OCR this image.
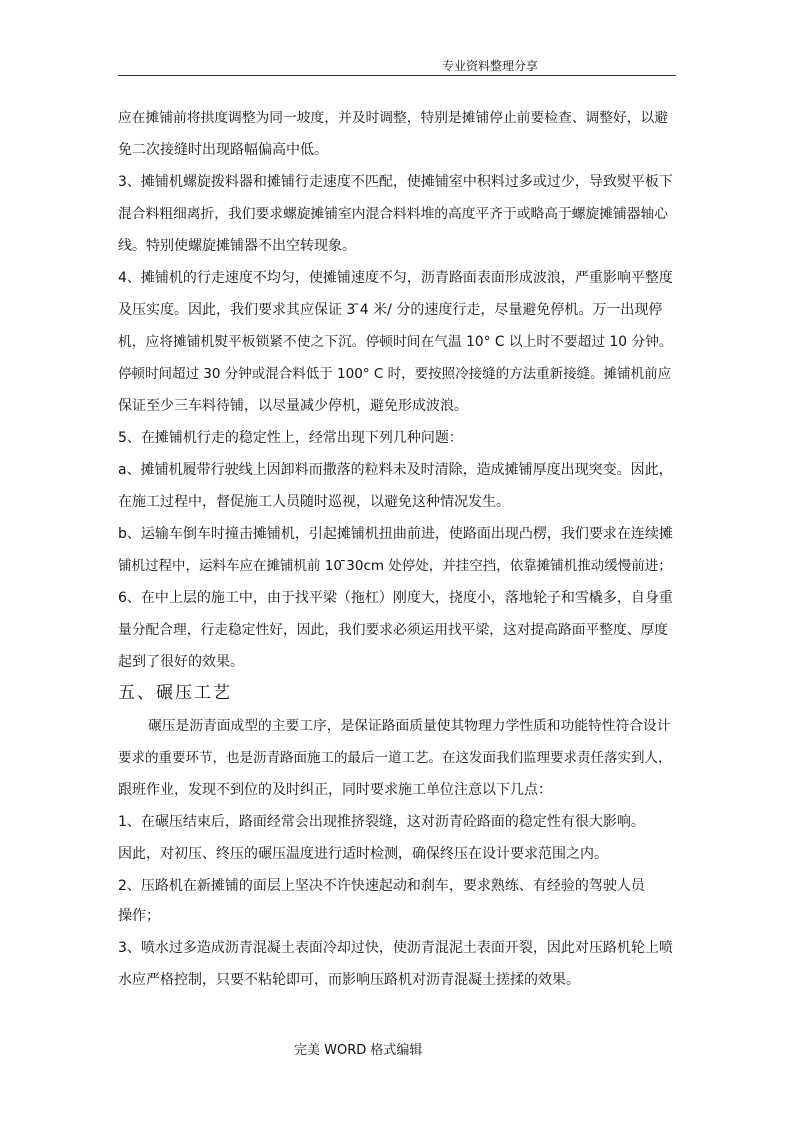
专业资料整理分享
应在摊铺前将拱度调整为同一坡度，并及时调整，特别是摊铺停止前要检查、调整好，以避
免二次接缝时出现路幅偏高中低。
3、摊铺机螺旋拨料器和摊铺行走速度不匹配，使摊铺室中积料过多或过少，导致熨平板下
混合料粗细离折，我们要求螺旋摊铺室内混合料料堆的高度平齐于或略高于螺旋摊铺器轴心
线。特别使螺旋摊铺器不出空转现象。
4、摊铺机的行走速度不均匀，使摊铺速度不匀，沥青路面表面形成波浪，严重影响平整度
及压实度。因此，我们要求其应保证 3 ̄4 米/ 分的速度行走，尽量避免停机。万一出现停
机，应将摊铺机熨平板锁紧不使之下沉。停顿时间在气温 10° C 以上时不要超过 10 分钟。
停顿时间超过 30 分钟或混合料低于 100° C 时，要按照冷接缝的方法重新接缝。摊铺机前应
保证至少三车料待铺，以尽量减少停机，避免形成波浪。
5、在摊铺机行走的稳定性上，经常出现下列几种问题：
a、摊铺机履带行驶线上因卸料而撒落的粒料未及时清除，造成摊铺厚度出现突变。因此，
在施工过程中，督促施工人员随时巡视，以避免这种情况发生。
b、运输车倒车时撞击摊铺机，引起摊铺机扭曲前进，使路面出现凸楞，我们要求在连续摊
铺机过程中，运料车应在摊铺机前 10 ̄30cm 处停处，并挂空挡，依靠摊铺机推动缓慢前进；
6、在中上层的施工中，由于找平梁（拖杠）刚度大，挠度小，落地轮子和雪橇多，自身重
量分配合理，行走稳定性好，因此，我们要求必须运用找平梁，这对提高路面平整度、厚度
起到了很好的效果。
五、碾压工艺
碾压是沥青面成型的主要工序，是保证路面质量使其物理力学性质和功能特性符合设计
要求的重要环节，也是沥青路面施工的最后一道工艺。在这发面我们监理要求责任落实到人，
跟班作业，发现不到位的及时纠正，同时要求施工单位注意以下几点：
1、在碾压结束后，路面经常会出现推挤裂缝，这对沥青砼路面的稳定性有很大影响。
因此，对初压、终压的碾压温度进行适时检测，确保终压在设计要求范围之内。
2、压路机在新摊铺的面层上坚决不许快速起动和刹车，要求熟练、有经验的驾驶人员
操作；
3、喷水过多造成沥青混凝土表面冷却过快，使沥青混泥土表面开裂，因此对压路机轮上喷
水应严格控制，只要不粘轮即可，而影响压路机对沥青混凝土搓揉的效果。
完美 WORD 格式编辑
